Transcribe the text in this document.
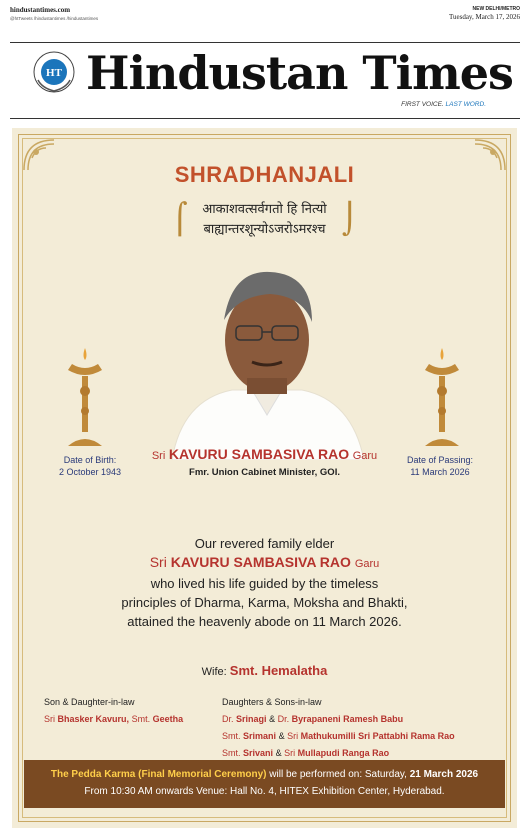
hindustantimes.com
@htTweets /hindustantimes /hindustantimes
NEW DELHI/METRO
Tuesday, March 17, 2026
HT Hindustan Times
FIRST VOICE. LAST WORD.
SHRADHANJALI
⌠	⌡
आकाशवत्सर्वगतो हि नित्यो
बाह्यान्तरशून्योऽजरोऽमरश्च
Date of Birth:
2 October 1943
Date of Passing:
11 March 2026
Sri KAVURU SAMBASIVA RAO Garu
Fmr. Union Cabinet Minister, GOI.
Our revered family elder
Sri KAVURU SAMBASIVA RAO Garu
who lived his life guided by the timeless
principles of Dharma, Karma, Moksha and Bhakti,
attained the heavenly abode on 11 March 2026.
Wife: Smt. Hemalatha
Son & Daughter-in-law
Sri Bhasker Kavuru, Smt. Geetha
Daughters & Sons-in-law
Dr. Srinagi & Dr. Byrapaneni Ramesh Babu
Smt. Srimani & Sri Mathukumilli Sri Pattabhi Rama Rao
Smt. Srivani & Sri Mullapudi Ranga Rao
The Pedda Karma (Final Memorial Ceremony) will be performed on: Saturday, 21 March 2026
From 10:30 AM onwards Venue: Hall No. 4, HITEX Exhibition Center, Hyderabad.
